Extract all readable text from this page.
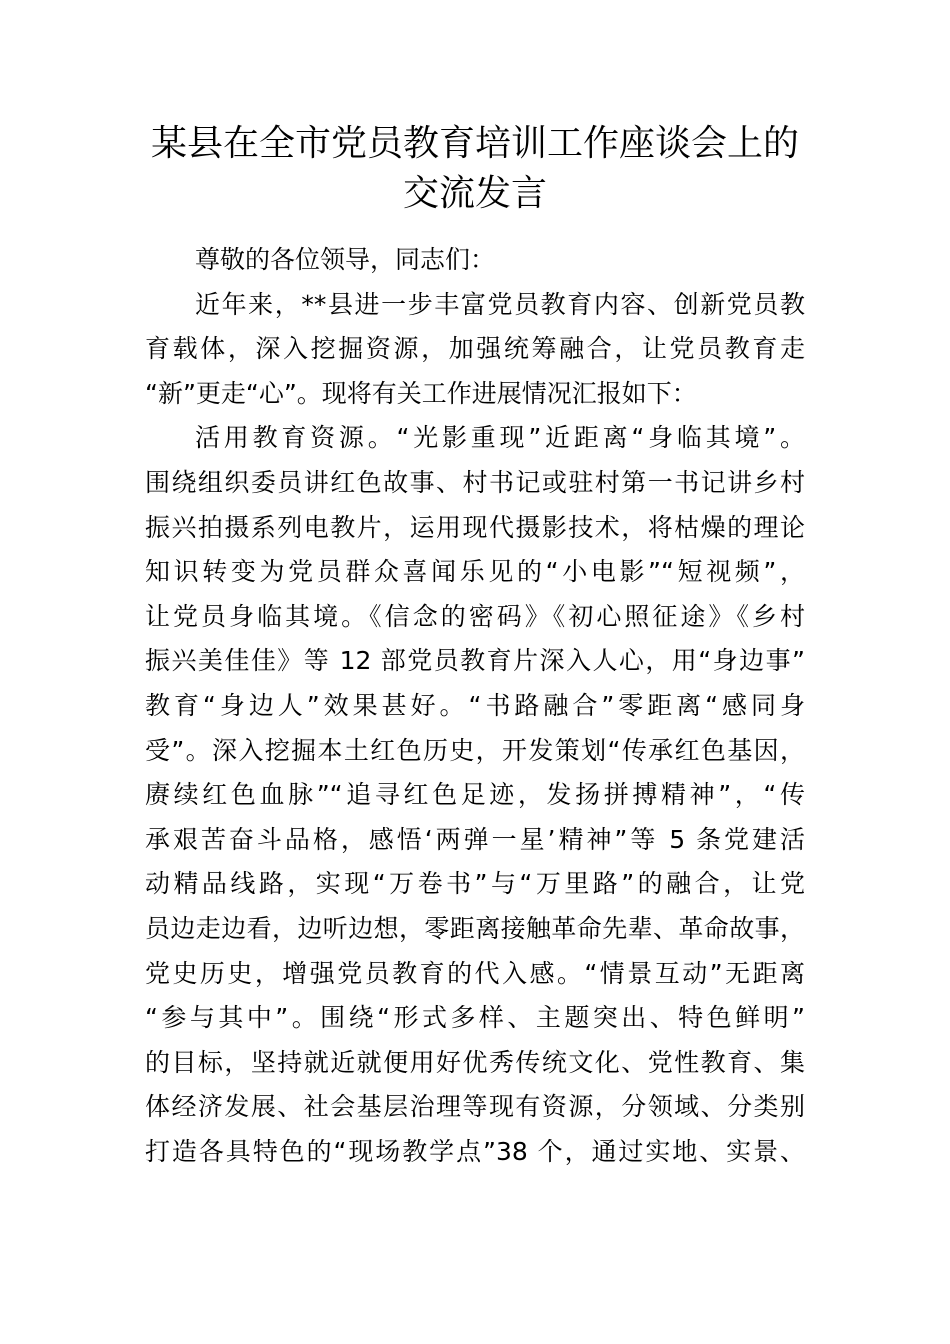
某县在全市党员教育培训工作座谈会上的
交流发言
尊敬的各位领导，同志们：
近年来，**县进一步丰富党员教育内容、创新党员教
育载体，深入挖掘资源，加强统筹融合，让党员教育走
“新”更走“心”。现将有关工作进展情况汇报如下：
活用教育资源。“光影重现”近距离“身临其境”。
围绕组织委员讲红色故事、村书记或驻村第一书记讲乡村
振兴拍摄系列电教片，运用现代摄影技术，将枯燥的理论
知识转变为党员群众喜闻乐见的“小电影”“短视频”，
让党员身临其境。《信念的密码》《初心照征途》《乡村
振兴美佳佳》等 12 部党员教育片深入人心，用“身边事”
教育“身边人”效果甚好。“书路融合”零距离“感同身
受”。深入挖掘本土红色历史，开发策划“传承红色基因，
赓续红色血脉”“追寻红色足迹，发扬拼搏精神”，“传
承艰苦奋斗品格，感悟‘两弹一星’精神”等 5 条党建活
动精品线路，实现“万卷书”与“万里路”的融合，让党
员边走边看，边听边想，零距离接触革命先辈、革命故事，
党史历史，增强党员教育的代入感。“情景互动”无距离
“参与其中”。围绕“形式多样、主题突出、特色鲜明”
的目标，坚持就近就便用好优秀传统文化、党性教育、集
体经济发展、社会基层治理等现有资源，分领域、分类别
打造各具特色的“现场教学点”38 个，通过实地、实景、
